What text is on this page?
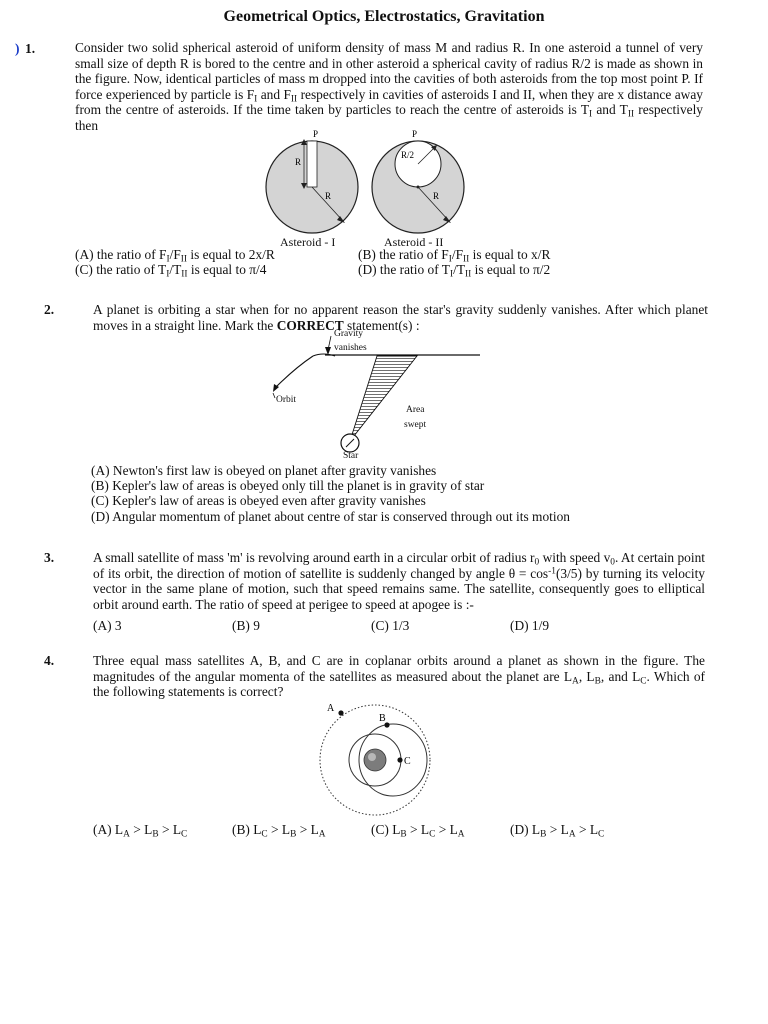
Geometrical Optics, Electrostatics, Gravitation
) 1.	Consider two solid spherical asteroid of uniform density of mass M and radius R. In one asteroid a tunnel of very small size of depth R is bored to the centre and in other asteroid a spherical cavity of radius R/2 is made as shown in the figure. Now, identical particles of mass m dropped into the cavities of both asteroids from the top most point P. If force experienced by particle is $F_I$ and $F_{II}$ respectively in cavities of asteroids I and II, when they are x distance away from the centre of asteroids. If the time taken by particles to reach the centre of asteroids is $T_I$ and $T_{II}$ respectively then
P
R
R
P
R/2
R
Asteroid - I	Asteroid - II
(A) the ratio of $F_I/F_{II}$ is equal to 2x/R	(B) the ratio of $F_I/F_{II}$ is equal to x/R
(C) the ratio of $T_I/T_{II}$ is equal to π/4	(D) the ratio of $T_I/T_{II}$ is equal to π/2
2.	A planet is orbiting a star when for no apparent reason the star's gravity suddenly vanishes. After which planet moves in a straight line. Mark the CORRECT statement(s) :
Gravity
vanishes
Orbit
Area
swept
Star
(A) Newton's first law is obeyed on planet after gravity vanishes
(B) Kepler's law of areas is obeyed only till the planet is in gravity of star
(C) Kepler's law of areas is obeyed even after gravity vanishes
(D) Angular momentum of planet about centre of star is conserved through out its motion
3.	A small satellite of mass 'm' is revolving around earth in a circular orbit of radius $r_0$ with speed $v_0$. At certain point of its orbit, the direction of motion of satellite is suddenly changed by angle $\theta = \cos^{-1}(3/5)$ by turning its velocity vector in the same plane of motion, such that speed remains same. The satellite, consequently goes to elliptical orbit around earth. The ratio of speed at perigee to speed at apogee is :-
(A) 3	(B) 9	(C) 1/3	(D) 1/9
4.	Three equal mass satellites A, B, and C are in coplanar orbits around a planet as shown in the figure. The magnitudes of the angular momenta of the satellites as measured about the planet are $L_A$, $L_B$, and $L_C$. Which of the following statements is correct?
A
B
C
(A) $L_A > L_B > L_C$	(B) $L_C > L_B > L_A$	(C) $L_B > L_C > L_A$	(D) $L_B > L_A > L_C$
